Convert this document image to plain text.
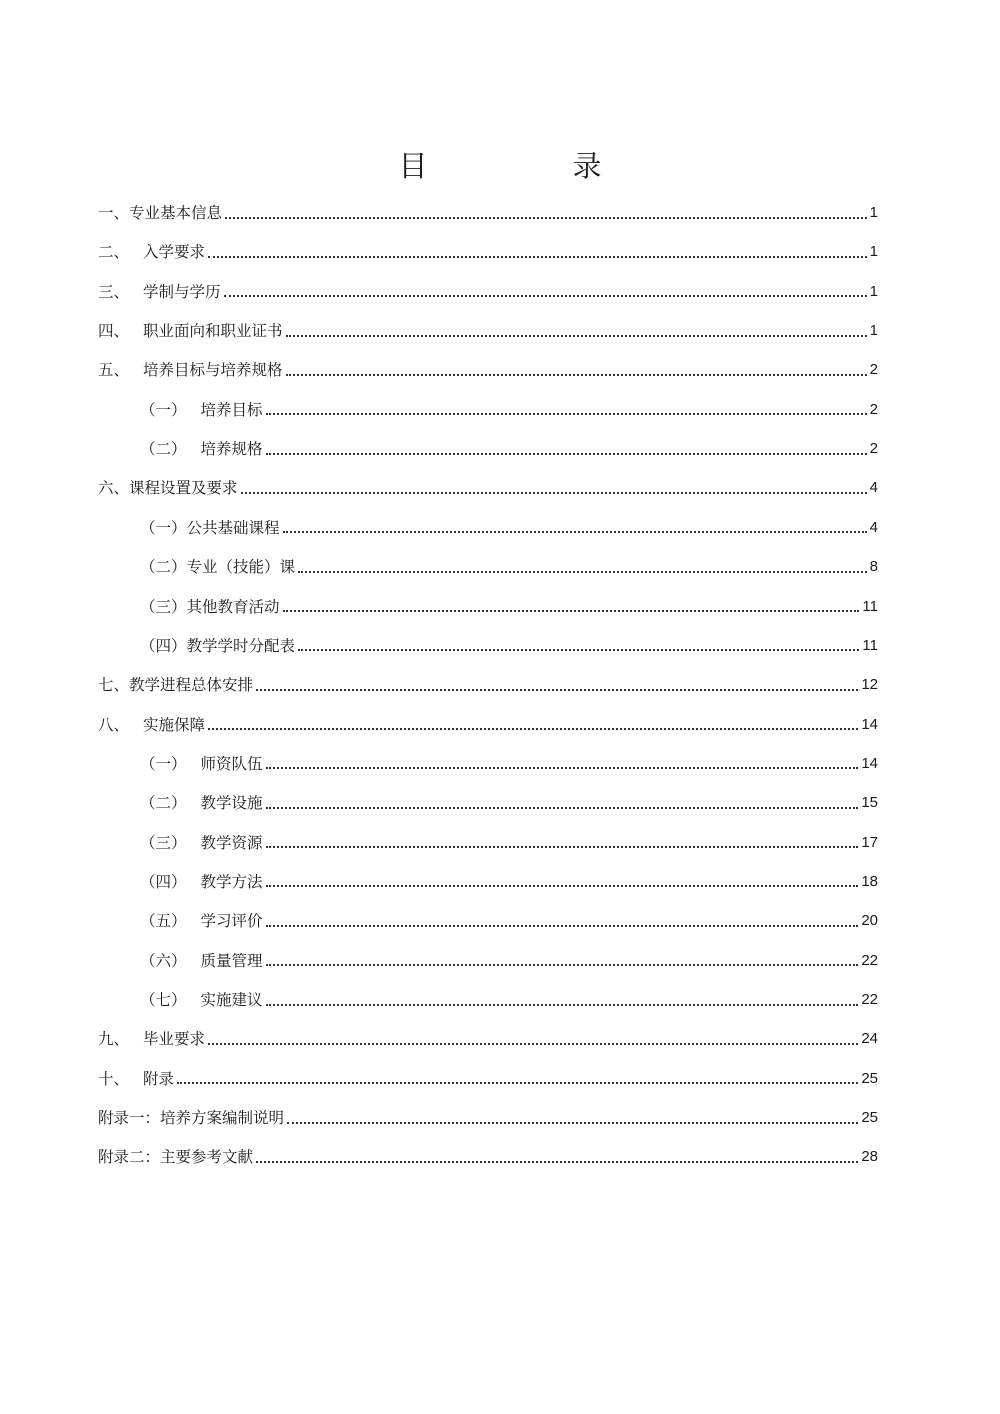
目　录
一、 专业基本信息	1
二、 入学要求	1
三、 学制与学历	1
四、 职业面向和职业证书	1
五、 培养目标与培养规格	2
（一） 培养目标	2
（二） 培养规格	2
六、 课程设置及要求	4
（一） 公共基础课程	4
（二） 专业（技能）课	8
（三） 其他教育活动	11
（四） 教学学时分配表	11
七、 教学进程总体安排	12
八、 实施保障	14
（一） 师资队伍	14
（二） 教学设施	15
（三） 教学资源	17
（四） 教学方法	18
（五） 学习评价	20
（六） 质量管理	22
（七） 实施建议	22
九、 毕业要求	24
十、 附录	25
附录一：培养方案编制说明	25
附录二：主要参考文献	28
